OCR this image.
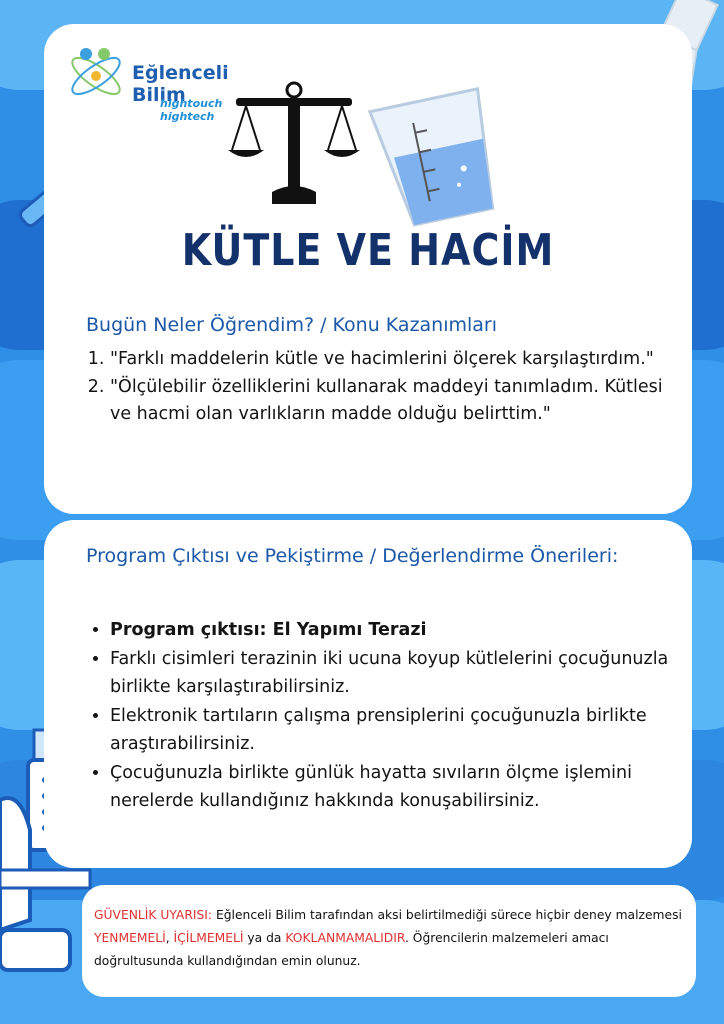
Eğlenceli Bilim
hightouch hightech
KÜTLE VE HACİM
Bugün Neler Öğrendim? / Konu Kazanımları
1. "Farklı maddelerin kütle ve hacimlerini ölçerek karşılaştırdım."
2. "Ölçülebilir özelliklerini kullanarak maddeyi tanımladım. Kütlesi ve hacmi olan varlıkların madde olduğu belirttim."
Program Çıktısı ve Pekiştirme / Değerlendirme Önerileri:
• Program çıktısı: El Yapımı Terazi
• Farklı cisimleri terazinin iki ucuna koyup kütlelerini çocuğunuzla birlikte karşılaştırabilirsiniz.
• Elektronik tartıların çalışma prensiplerini çocuğunuzla birlikte araştırabilirsiniz.
• Çocuğunuzla birlikte günlük hayatta sıvıların ölçme işlemini nerelerde kullandığınız hakkında konuşabilirsiniz.
GÜVENLİK UYARISI: Eğlenceli Bilim tarafından aksi belirtilmediği sürece hiçbir deney malzemesi YENMEMELİ, İÇİLMEMELİ ya da KOKLANMAMALIDIR. Öğrencilerin malzemeleri amacı doğrultusunda kullandığından emin olunuz.
